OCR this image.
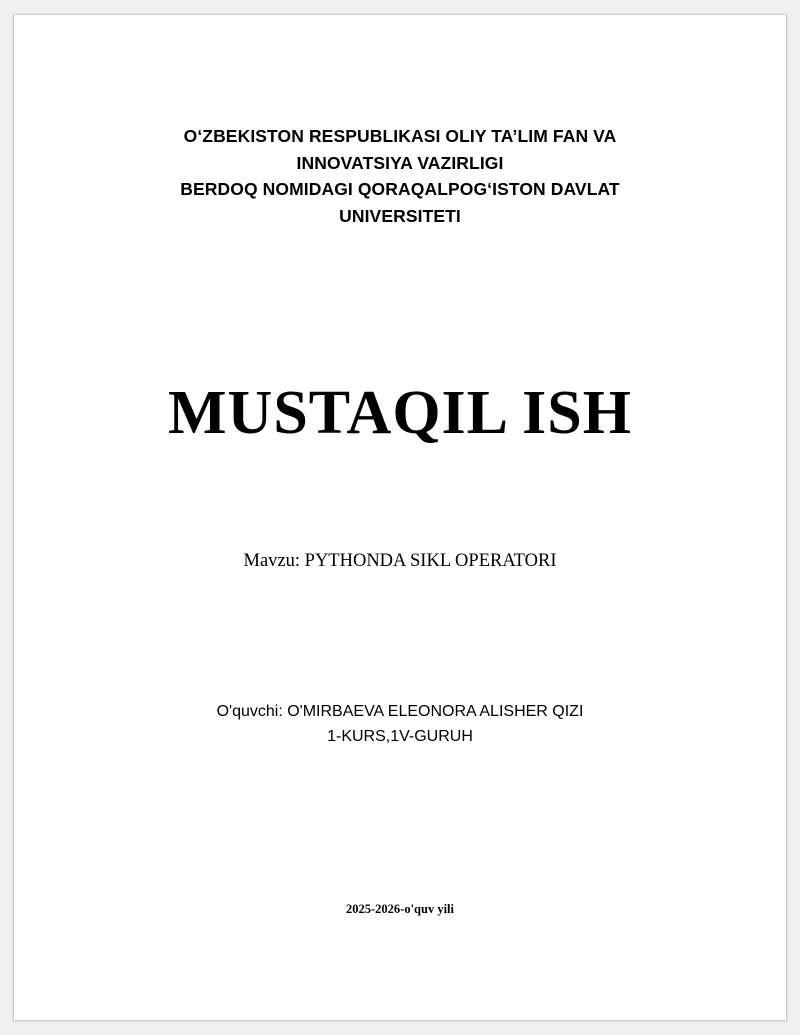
O‘ZBEKISTON RESPUBLIKASI OLIY TA’LIM FAN VA
INNOVATSIYA VAZIRLIGI
BERDOQ NOMIDAGI QORAQALPOG‘ISTON DAVLAT
UNIVERSITETI
MUSTAQIL ISH
Mavzu: PYTHONDA SIKL OPERATORI
O'quvchi: O'MIRBAEVA ELEONORA ALISHER QIZI
1-KURS,1V-GURUH
2025-2026-o'quv yili
